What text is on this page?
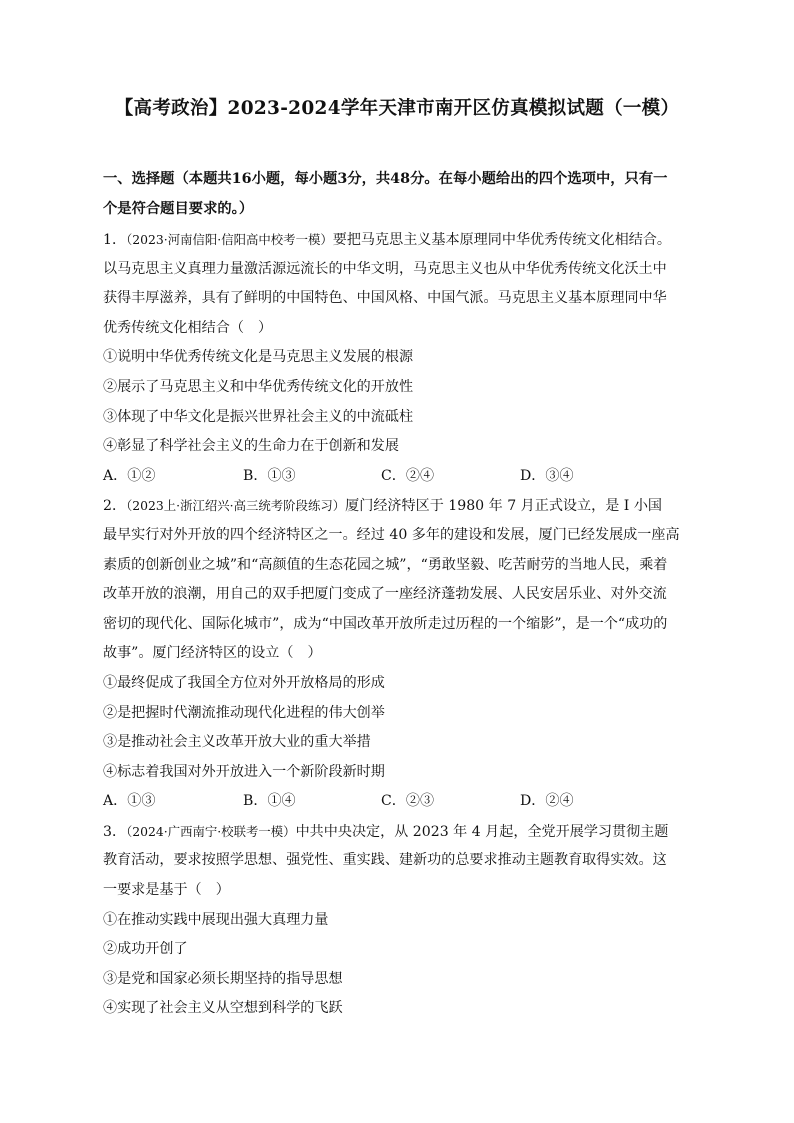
【高考政治】2023-2024学年天津市南开区仿真模拟试题（一模）
一、选择题（本题共16小题，每小题3分，共48分。在每小题给出的四个选项中，只有一
个是符合题目要求的。）
1．（2023·河南信阳·信阳高中校考一模）要把马克思主义基本原理同中华优秀传统文化相结合。
以马克思主义真理力量激活源远流长的中华文明，马克思主义也从中华优秀传统文化沃土中
获得丰厚滋养，具有了鲜明的中国特色、中国风格、中国气派。马克思主义基本原理同中华
优秀传统文化相结合（　）
①说明中华优秀传统文化是马克思主义发展的根源
②展示了马克思主义和中华优秀传统文化的开放性
③体现了中华文化是振兴世界社会主义的中流砥柱
④彰显了科学社会主义的生命力在于创新和发展
A．①②	B．①③	C．②④	D．③④
2．（2023上·浙江绍兴·高三统考阶段练习）厦门经济特区于 1980 年 7 月正式设立，是 I 小国
最早实行对外开放的四个经济特区之一。经过 40 多年的建设和发展，厦门已经发展成一座高
素质的创新创业之城”和“高颜值的生态花园之城”，“勇敢坚毅、吃苦耐劳的当地人民，乘着
改革开放的浪潮，用自己的双手把厦门变成了一座经济蓬勃发展、人民安居乐业、对外交流
密切的现代化、国际化城市”，成为“中国改革开放所走过历程的一个缩影”，是一个“成功的
故事”。厦门经济特区的设立（　）
①最终促成了我国全方位对外开放格局的形成
②是把握时代潮流推动现代化进程的伟大创举
③是推动社会主义改革开放大业的重大举措
④标志着我国对外开放进入一个新阶段新时期
A．①③	B．①④	C．②③	D．②④
3．（2024·广西南宁·校联考一模）中共中央决定，从 2023 年 4 月起，全党开展学习贯彻主题
教育活动，要求按照学思想、强党性、重实践、建新功的总要求推动主题教育取得实效。这
一要求是基于（　）
①在推动实践中展现出强大真理力量
②成功开创了
③是党和国家必须长期坚持的指导思想
④实现了社会主义从空想到科学的飞跃
